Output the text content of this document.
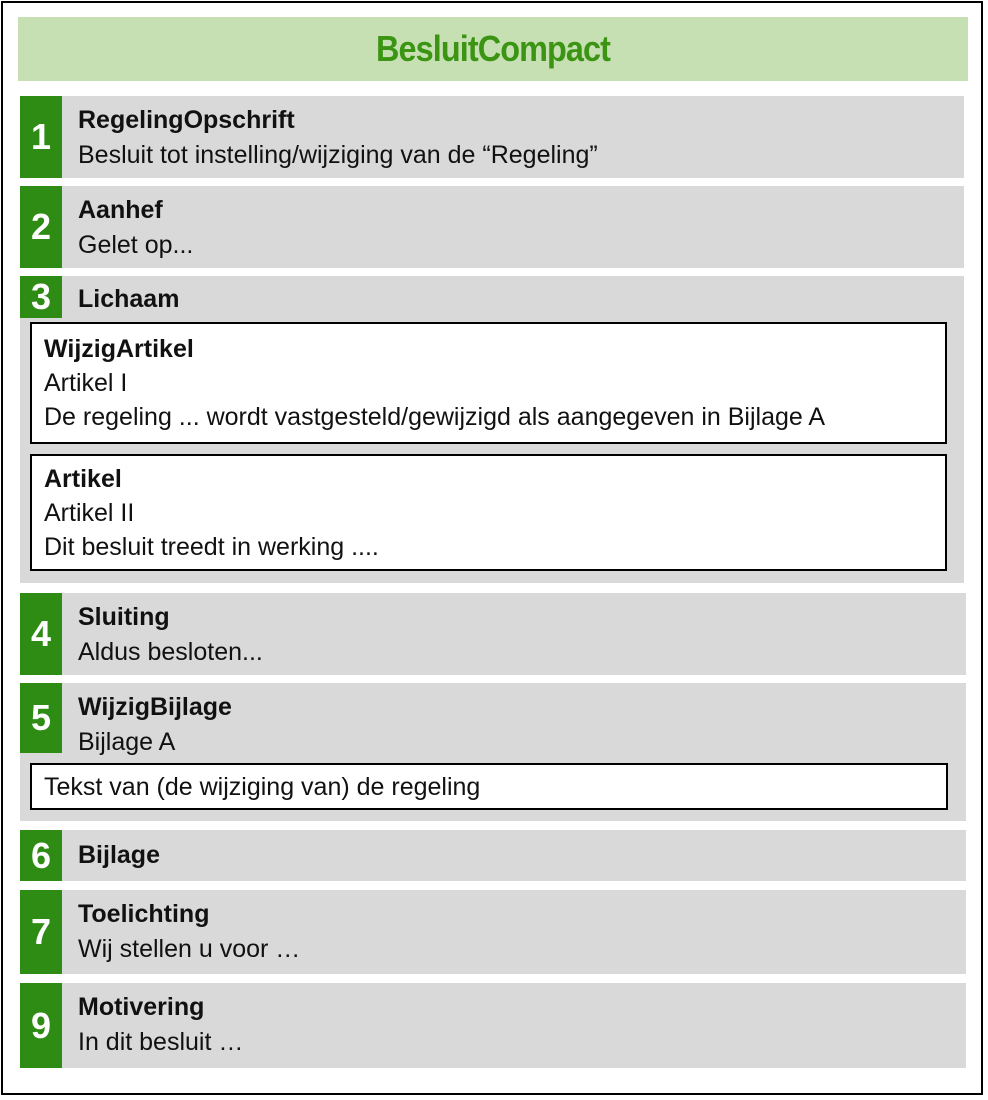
BesluitCompact
1	RegelingOpschrift
Besluit tot instelling/wijziging van de “Regeling”
2	Aanhef
Gelet op...
3	Lichaam
WijzigArtikel
Artikel I
De regeling ... wordt vastgesteld/gewijzigd als aangegeven in Bijlage A
Artikel
Artikel II
Dit besluit treedt in werking ....
4	Sluiting
Aldus besloten...
5	WijzigBijlage
Bijlage A
Tekst van (de wijziging van) de regeling
6	Bijlage
7	Toelichting
Wij stellen u voor …
9	Motivering
In dit besluit …
